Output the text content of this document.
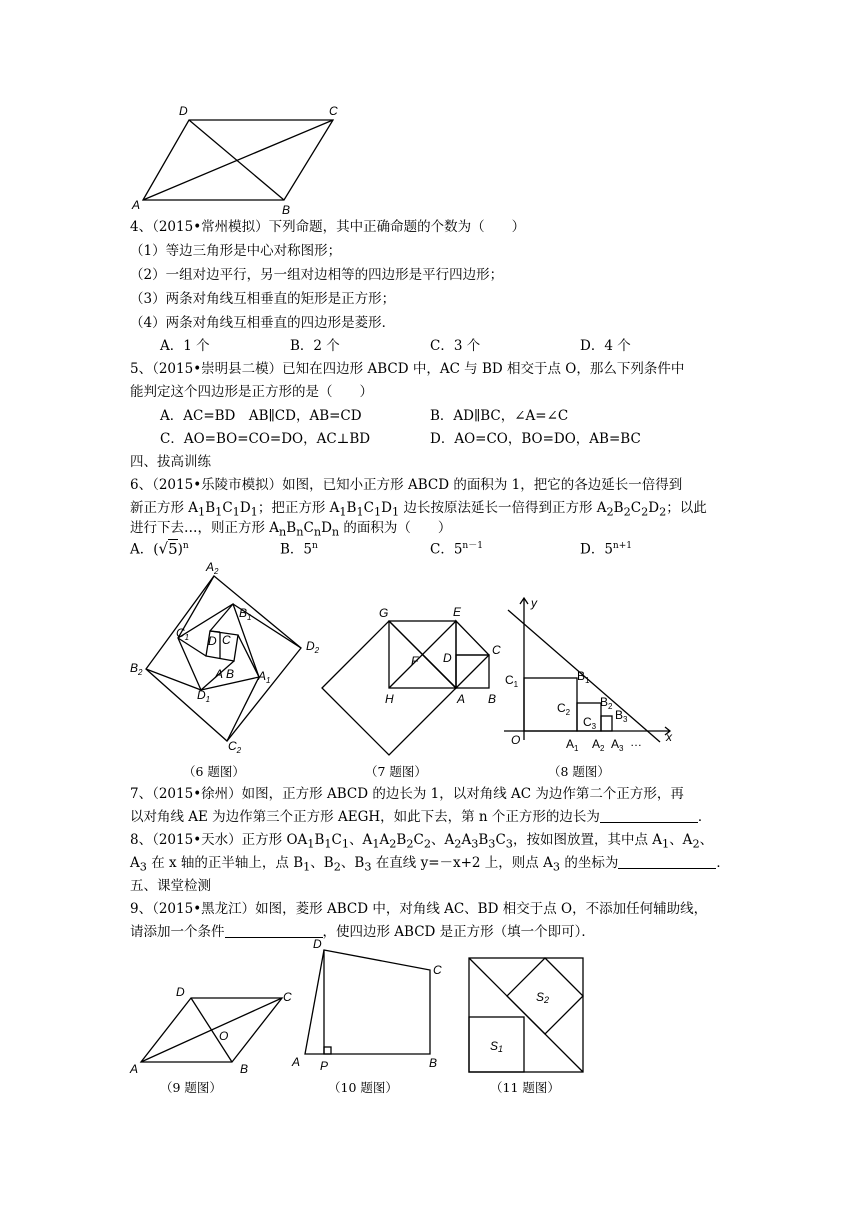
D	C
A	B
4、（2015•常州模拟）下列命题，其中正确命题的个数为（　　）
（1）等边三角形是中心对称图形；
（2）一组对边平行，另一组对边相等的四边形是平行四边形；
（3）两条对角线互相垂直的矩形是正方形；
（4）两条对角线互相垂直的四边形是菱形．
A．1 个	B．2 个	C．3 个	D．4 个
5、（2015•崇明县二模）已知在四边形 ABCD 中，AC 与 BD 相交于点 O，那么下列条件中
能判定这个四边形是正方形的是（　　）
A．AC=BD　AB∥CD，AB=CD	B．AD∥BC，∠A=∠C
C．AO=BO=CO=DO，AC⊥BD	D．AO=CO，BO=DO，AB=BC
四、拔高训练
6、（2015•乐陵市模拟）如图，已知小正方形 ABCD 的面积为 1，把它的各边延长一倍得到
新正方形 $A_1B_1C_1D_1$；把正方形 $A_1B_1C_1D_1$ 边长按原法延长一倍得到正方形 $A_2B_2C_2D_2$；以此
进行下去…，则正方形 $A_nB_nC_nD_n$ 的面积为（　　）
A．$(√5)^n$	B．5$^n$	C．$5^{n-1}$	D．$5^{n+1}$
$A_2$
$B_1$
$D_2$
$C_1$ D C
A B $A_1$
$B_2$
$D_1$
$C_2$
G	E
F D
C
H	A B
y
x
O
$C_1$
$B_1$
$C_2$
$B_2$
$C_3$
$B_3$
$A_1$ $A_2$ $A_3$ …
（6 题图）	（7 题图）	（8 题图）
7、（2015•徐州）如图，正方形 ABCD 的边长为 1，以对角线 AC 为边作第二个正方形，再
以对角线 AE 为边作第三个正方形 AEGH，如此下去，第 n 个正方形的边长为	．
8、（2015•天水）正方形 $OA_1B_1C_1$、$A_1A_2B_2C_2$、$A_2A_3B_3C_3$，按如图放置，其中点 $A_1$、$A_2$、
$A_3$ 在 x 轴的正半轴上，点 $B_1$、$B_2$、$B_3$ 在直线 y=－x+2 上，则点 $A_3$ 的坐标为	．
五、课堂检测
9、（2015•黑龙江）如图，菱形 ABCD 中，对角线 AC、BD 相交于点 O，不添加任何辅助线，
请添加一个条件	，使四边形 ABCD 是正方形（填一个即可）．
D	C
O
A	B
D
C
A P	B
S2
S1
（9 题图）	（10 题图）	（11 题图）
